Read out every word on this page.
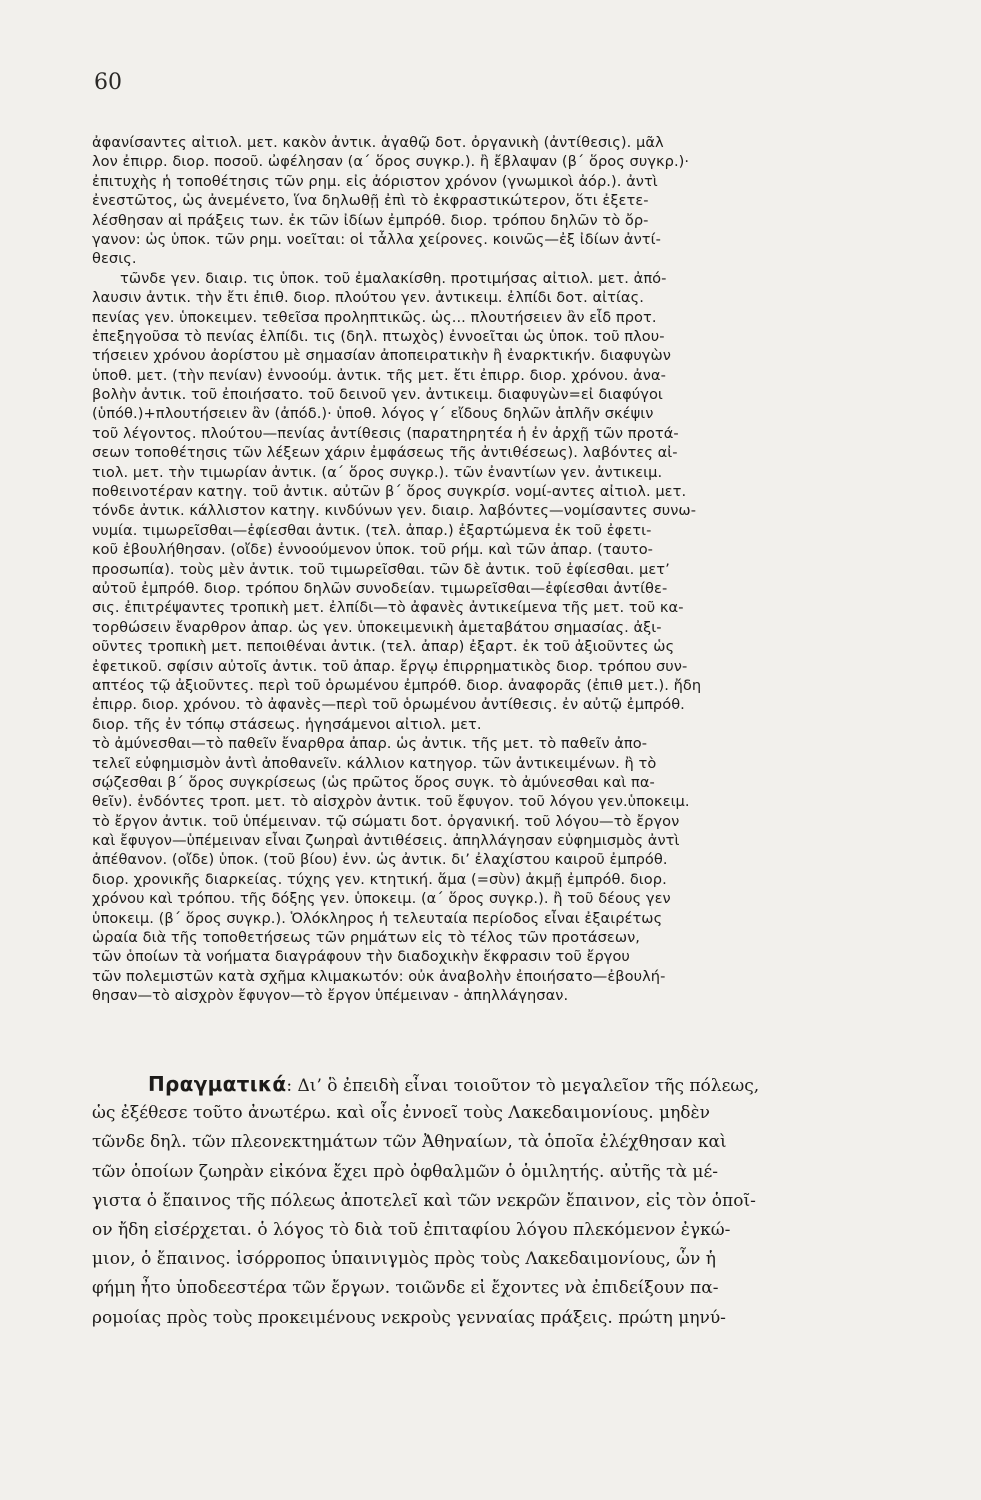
60
ἀφανίσαντες αἰτιολ. μετ. κακὸν ἀντικ. ἀγαθῷ δοτ. ὀργανικὴ (ἀντίθεσις). μᾶλ
λον ἐπιρρ. διορ. ποσοῦ. ὠφέλησαν (α΄ ὅρος συγκρ.). ἢ ἔβλαψαν (β΄ ὅρος συγκρ.)·
ἐπιτυχὴς ἡ τοποθέτησις τῶν ρημ. εἰς ἀόριστον χρόνον (γνωμικοὶ ἀόρ.). ἀντὶ
ἐνεστῶτος, ὡς ἀνεμένετο, ἵνα δηλωθῇ ἐπὶ τὸ ἐκφραστικώτερον, ὅτι ἐξετε-
λέσθησαν αἱ πράξεις των. ἐκ τῶν ἰδίων ἐμπρόθ. διορ. τρόπου δηλῶν τὸ ὄρ-
γανον: ὡς ὑποκ. τῶν ρημ. νοεῖται: οἱ τἆλλα χείρονες. κοινῶς—ἐξ ἰδίων ἀντί-
θεσις.
τῶνδε γεν. διαιρ. τις ὑποκ. τοῦ ἐμαλακίσθη. προτιμήσας αἰτιολ. μετ. ἀπό-
λαυσιν ἀντικ. τὴν ἔτι ἐπιθ. διορ. πλούτου γεν. ἀντικειμ. ἐλπίδι δοτ. αἰτίας.
πενίας γεν. ὑποκειμεν. τεθεῖσα προληπτικῶς. ὡς... πλουτήσειεν ἂν εἶδ προτ.
ἐπεξηγοῦσα τὸ πενίας ἐλπίδι. τις (δηλ. πτωχὸς) ἐννοεῖται ὡς ὑποκ. τοῦ πλου-
τήσειεν χρόνου ἀορίστου μὲ σημασίαν ἀποπειρατικὴν ἢ ἐναρκτικήν. διαφυγὼν
ὑποθ. μετ. (τὴν πενίαν) ἐννοούμ. ἀντικ. τῆς μετ. ἔτι ἐπιρρ. διορ. χρόνου. ἀνα-
βολὴν ἀντικ. τοῦ ἐποιήσατο. τοῦ δεινοῦ γεν. ἀντικειμ. διαφυγὼν=εἰ διαφύγοι
(ὑπόθ.)+πλουτήσειεν ἂν (ἀπόδ.)· ὑποθ. λόγος γ΄ εἴδους δηλῶν ἁπλῆν σκέψιν
τοῦ λέγοντος. πλούτου—πενίας ἀντίθεσις (παρατηρητέα ἡ ἐν ἀρχῇ τῶν προτά-
σεων τοποθέτησις τῶν λέξεων χάριν ἐμφάσεως τῆς ἀντιθέσεως). λαβόντες αἰ-
τιολ. μετ. τὴν τιμωρίαν ἀντικ. (α΄ ὅρος συγκρ.). τῶν ἐναντίων γεν. ἀντικειμ.
ποθεινοτέραν κατηγ. τοῦ ἀντικ. αὐτῶν β΄ ὅρος συγκρίσ. νομί-αντες αἰτιολ. μετ.
τόνδε ἀντικ. κάλλιστον κατηγ. κινδύνων γεν. διαιρ. λαβόντες—νομίσαντες συνω-
νυμία. τιμωρεῖσθαι—ἐφίεσθαι ἀντικ. (τελ. ἀπαρ.) ἐξαρτώμενα ἐκ τοῦ ἐφετι-
κοῦ ἐβουλήθησαν. (οἴδε) ἐννοούμενον ὑποκ. τοῦ ρήμ. καὶ τῶν ἀπαρ. (ταυτο-
προσωπία). τοὺς μὲν ἀντικ. τοῦ τιμωρεῖσθαι. τῶν δὲ ἀντικ. τοῦ ἐφίεσθαι. μετ’
αὐτοῦ ἐμπρόθ. διορ. τρόπου δηλῶν συνοδείαν. τιμωρεῖσθαι—ἐφίεσθαι ἀντίθε-
σις. ἐπιτρέψαντες τροπικὴ μετ. ἐλπίδι—τὸ ἀφανὲς ἀντικείμενα τῆς μετ. τοῦ κα-
τορθώσειν ἔναρθρον ἀπαρ. ὡς γεν. ὑποκειμενικὴ ἀμεταβάτου σημασίας. ἀξι-
οῦντες τροπικὴ μετ. πεποιθέναι ἀντικ. (τελ. ἀπαρ) ἐξαρτ. ἐκ τοῦ ἀξιοῦντες ὡς
ἐφετικοῦ. σφίσιν αὐτοῖς ἀντικ. τοῦ ἀπαρ. ἔργῳ ἐπιρρηματικὸς διορ. τρόπου συν-
απτέος τῷ ἀξιοῦντες. περὶ τοῦ ὁρωμένου ἐμπρόθ. διορ. ἀναφορᾶς (ἐπιθ μετ.). ἤδη
ἐπιρρ. διορ. χρόνου. τὸ ἀφανὲς—περὶ τοῦ ὁρωμένου ἀντίθεσις. ἐν αὐτῷ ἐμπρόθ.
διορ. τῆς ἐν τόπῳ στάσεως. ἡγησάμενοι αἰτιολ. μετ.
τὸ ἀμύνεσθαι—τὸ παθεῖν ἔναρθρα ἀπαρ. ὡς ἀντικ. τῆς μετ. τὸ παθεῖν ἀπο-
τελεῖ εὐφημισμὸν ἀντὶ ἀποθανεῖν. κάλλιον κατηγορ. τῶν ἀντικειμένων. ἢ τὸ
σῴζεσθαι β΄ ὅρος συγκρίσεως (ὡς πρῶτος ὅρος συγκ. τὸ ἀμύνεσθαι καὶ πα-
θεῖν). ἐνδόντες τροπ. μετ. τὸ αἰσχρὸν ἀντικ. τοῦ ἔφυγον. τοῦ λόγου γεν.ὑποκειμ.
τὸ ἔργον ἀντικ. τοῦ ὑπέμειναν. τῷ σώματι δοτ. ὀργανική. τοῦ λόγου—τὸ ἔργον
καὶ ἔφυγον—ὑπέμειναν εἶναι ζωηραὶ ἀντιθέσεις. ἀπηλλάγησαν εὐφημισμὸς ἀντὶ
ἀπέθανον. (οἴδε) ὑποκ. (τοῦ βίου) ἐνν. ὡς ἀντικ. δι’ ἐλαχίστου καιροῦ ἐμπρόθ.
διορ. χρονικῆς διαρκείας. τύχης γεν. κτητική. ἅμα (=σὺν) ἀκμῇ ἐμπρόθ. διορ.
χρόνου καὶ τρόπου. τῆς δόξης γεν. ὑποκειμ. (α΄ ὅρος συγκρ.). ἢ τοῦ δέους γεν
ὑποκειμ. (β΄ ὅρος συγκρ.). Ὁλόκληρος ἡ τελευταία περίοδος εἶναι ἐξαιρέτως
ὡραία διὰ τῆς τοποθετήσεως τῶν ρημάτων εἰς τὸ τέλος τῶν προτάσεων,
τῶν ὁποίων τὰ νοήματα διαγράφουν τὴν διαδοχικὴν ἔκφρασιν τοῦ ἔργου
τῶν πολεμιστῶν κατὰ σχῆμα κλιμακωτόν: οὐκ ἀναβολὴν ἐποιήσατο—ἐβουλή-
θησαν—τὸ αἰσχρὸν ἔφυγον—τὸ ἔργον ὑπέμειναν - ἀπηλλάγησαν.
Πραγματικά: Δι’ ὃ ἐπειδὴ εἶναι τοιοῦτον τὸ μεγαλεῖον τῆς πόλεως,
ὡς ἐξέθεσε τοῦτο ἀνωτέρω. καὶ οἷς ἐννοεῖ τοὺς Λακεδαιμονίους. μηδὲν
τῶνδε δηλ. τῶν πλεονεκτημάτων τῶν Ἀθηναίων, τὰ ὁποῖα ἐλέχθησαν καὶ
τῶν ὁποίων ζωηρὰν εἰκόνα ἔχει πρὸ ὀφθαλμῶν ὁ ὁμιλητής. αὐτῆς τὰ μέ-
γιστα ὁ ἔπαινος τῆς πόλεως ἀποτελεῖ καὶ τῶν νεκρῶν ἔπαινον, εἰς τὸν ὁποῖ-
ον ἤδη εἰσέρχεται. ὁ λόγος τὸ διὰ τοῦ ἐπιταφίου λόγου πλεκόμενον ἐγκώ-
μιον, ὁ ἔπαινος. ἰσόρροπος ὑπαινιγμὸς πρὸς τοὺς Λακεδαιμονίους, ὧν ἡ
φήμη ἦτο ὑποδεεστέρα τῶν ἔργων. τοιῶνδε εἰ ἔχοντες νὰ ἐπιδείξουν πα-
ρομοίας πρὸς τοὺς προκειμένους νεκροὺς γενναίας πράξεις. πρώτη μηνύ-
